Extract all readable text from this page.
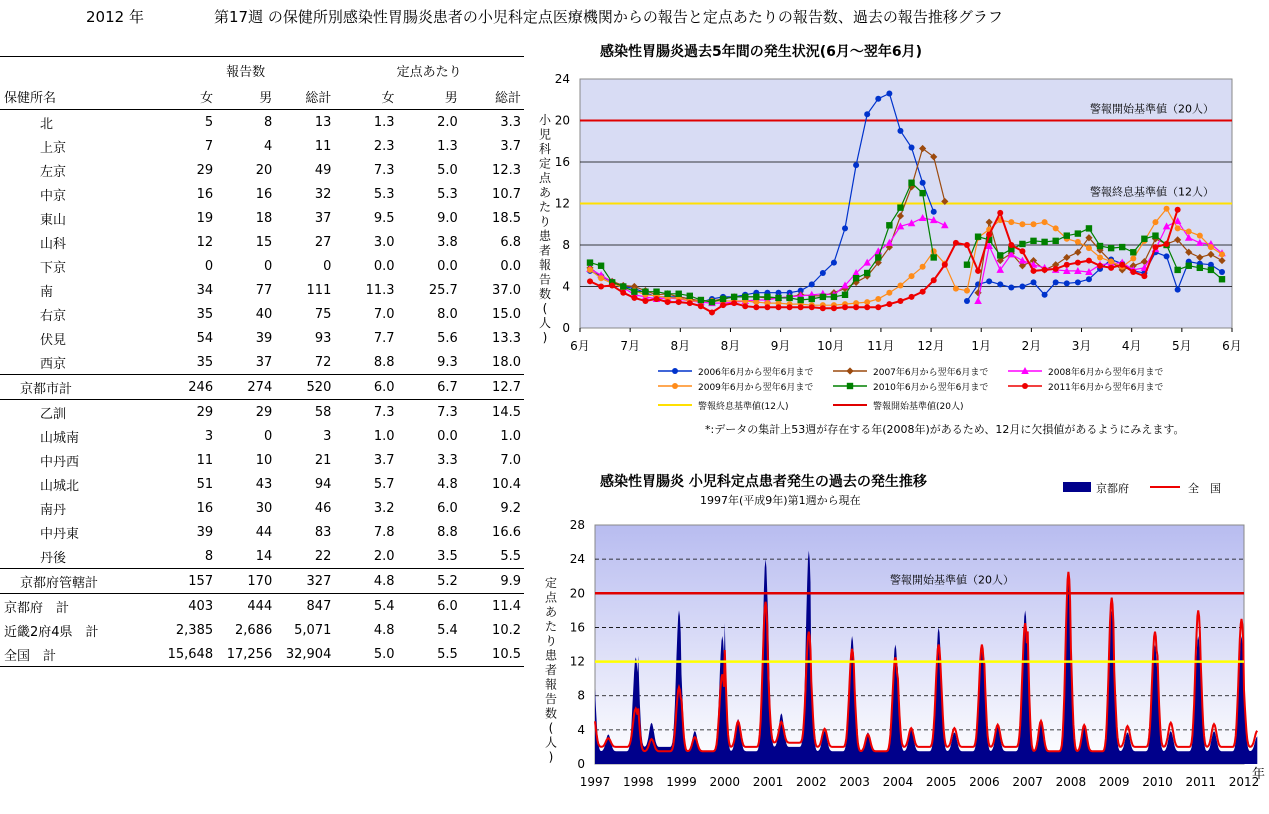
2012 年	第17週 の保健所別感染性胃腸炎患者の小児科定点医療機関からの報告と定点あたりの報告数、過去の報告推移グラフ
	報告数			定点あたり		
保健所名	女	男	総計	女	男	総計
北	5	8	13	1.3	2.0	3.3
上京	7	4	11	2.3	1.3	3.7
左京	29	20	49	7.3	5.0	12.3
中京	16	16	32	5.3	5.3	10.7
東山	19	18	37	9.5	9.0	18.5
山科	12	15	27	3.0	3.8	6.8
下京	0	0	0	0.0	0.0	0.0
南	34	77	111	11.3	25.7	37.0
右京	35	40	75	7.0	8.0	15.0
伏見	54	39	93	7.7	5.6	13.3
西京	35	37	72	8.8	9.3	18.0
京都市計	246	274	520	6.0	6.7	12.7
乙訓	29	29	58	7.3	7.3	14.5
山城南	3	0	3	1.0	0.0	1.0
中丹西	11	10	21	3.7	3.3	7.0
山城北	51	43	94	5.7	4.8	10.4
南丹	16	30	46	3.2	6.0	9.2
中丹東	39	44	83	7.8	8.8	16.6
丹後	8	14	22	2.0	3.5	5.5
京都府管轄計	157	170	327	4.8	5.2	9.9
京都府　計	403	444	847	5.4	6.0	11.4
近畿2府4県　計	2,385	2,686	5,071	4.8	5.4	10.2
全国　計	15,648	17,256	32,904	5.0	5.5	10.5
感染性胃腸炎過去5年間の発生状況(6月～翌年6月)
0
4
8
12
16
20
24
小
児
科
定
点
あ
た
り
患
者
報
告
数
(
人
)
警報開始基準値（20人）
警報終息基準値（12人）
6月	7月	8月	8月	9月 10月 11月 12月 1月	2月	3月	4月	5月	6月
2006年6月から翌年6月まで	2007年6月から翌年6月まで	2008年6月から翌年6月まで
2009年6月から翌年6月まで	2010年6月から翌年6月まで	2011年6月から翌年6月まで
警報開始基準値(20人)
警報終息基準値(12人)
*:データの集計上53週が存在する年(2008年)があるため、12月に欠損値があるようにみえます。
感染性胃腸炎 小児科定点患者発生の過去の発生推移
1997年(平成9年)第1週から現在
0
4
8
12
16
20
24
28
定
点
あ
た
り
患
者
報
告
数
(
人
)
1997 1998 1999 2000 2001 2002 2003 2004 2005 2006 2007 2008 2009 2010 2011 2012
年
警報開始基準値（20人）
京都府	全　国
